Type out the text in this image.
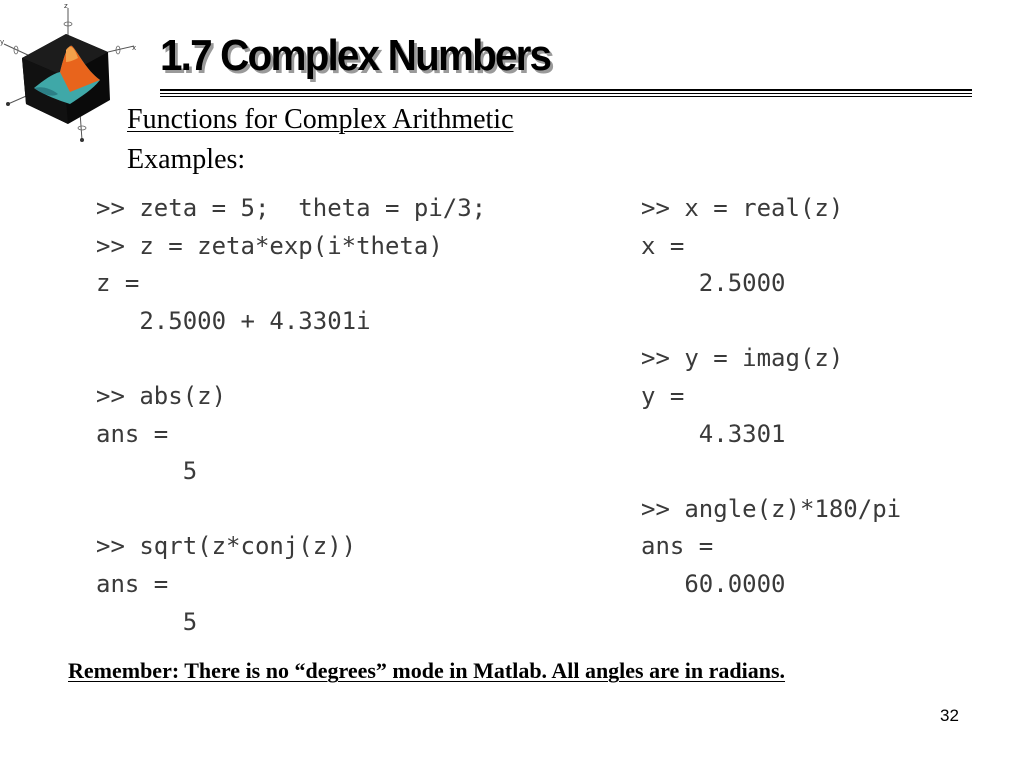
z
y
x 1.7 Complex Numbers
Functions for Complex Arithmetic
Examples:
>> zeta = 5;  theta = pi/3;
>> z = zeta*exp(i*theta)
z =
2.5000 + 4.3301i
>> abs(z)
ans =
5
>> sqrt(z*conj(z))
ans =
5
>> x = real(z)
x =
2.5000
>> y = imag(z)
y =
4.3301
>> angle(z)*180/pi
ans =
60.0000
Remember: There is no “degrees” mode in Matlab. All angles are in radians.
32
